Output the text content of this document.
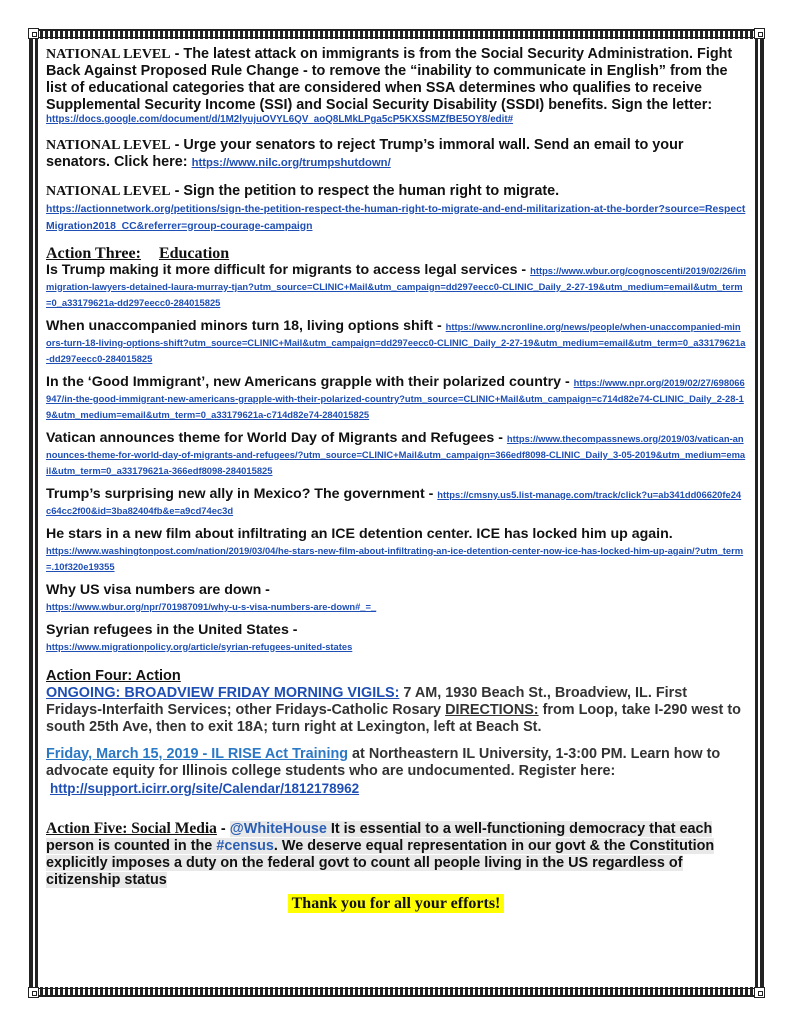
NATIONAL LEVEL - The latest attack on immigrants is from the Social Security Administration. Fight Back Against Proposed Rule Change - to remove the “inability to communicate in English” from the list of educational categories that are considered when SSA determines who qualifies to receive Supplemental Security Income (SSI) and Social Security Disability (SSDI) benefits. Sign the letter:
https://docs.google.com/document/d/1M2lyujuOVYL6QV_aoQ8LMkLPga5cP5KXSSMZfBE5OY8/edit#

NATIONAL LEVEL - Urge your senators to reject Trump’s immoral wall. Send an email to your senators. Click here: https://www.nilc.org/trumpshutdown/

NATIONAL LEVEL - Sign the petition to respect the human right to migrate.
https://actionnetwork.org/petitions/sign-the-petition-respect-the-human-right-to-migrate-and-end-militarization-at-the-border?source=RespectMigration2018_CC&referrer=group-courage-campaign

Action Three: Education

Is Trump making it more difficult for migrants to access legal services - https://www.wbur.org/cognoscenti/2019/02/26/immigration-lawyers-detained-laura-murray-tjan?utm_source=CLINIC+Mail&utm_campaign=dd297eecc0-CLINIC_Daily_2-27-19&utm_medium=email&utm_term=0_a33179621a-dd297eecc0-284015825

When unaccompanied minors turn 18, living options shift - https://www.ncronline.org/news/people/when-unaccompanied-minors-turn-18-living-options-shift?utm_source=CLINIC+Mail&utm_campaign=dd297eecc0-CLINIC_Daily_2-27-19&utm_medium=email&utm_term=0_a33179621a-dd297eecc0-284015825

In the ‘Good Immigrant’, new Americans grapple with their polarized country - https://www.npr.org/2019/02/27/698066947/in-the-good-immigrant-new-americans-grapple-with-their-polarized-country?utm_source=CLINIC+Mail&utm_campaign=c714d82e74-CLINIC_Daily_2-28-19&utm_medium=email&utm_term=0_a33179621a-c714d82e74-284015825

Vatican announces theme for World Day of Migrants and Refugees - https://www.thecompassnews.org/2019/03/vatican-announces-theme-for-world-day-of-migrants-and-refugees/?utm_source=CLINIC+Mail&utm_campaign=366edf8098-CLINIC_Daily_3-05-2019&utm_medium=email&utm_term=0_a33179621a-366edf8098-284015825

Trump’s surprising new ally in Mexico? The government - https://cmsny.us5.list-manage.com/track/click?u=ab341dd06620fe24c64cc2f00&id=3ba82404fb&e=a9cd74ec3d

He stars in a new film about infiltrating an ICE detention center. ICE has locked him up again.
https://www.washingtonpost.com/nation/2019/03/04/he-stars-new-film-about-infiltrating-an-ice-detention-center-now-ice-has-locked-him-up-again/?utm_term=.10f320e19355

Why US visa numbers are down -
https://www.wbur.org/npr/701987091/why-u-s-visa-numbers-are-down#_=_

Syrian refugees in the United States -
https://www.migrationpolicy.org/article/syrian-refugees-united-states

Action Four: Action

ONGOING: BROADVIEW FRIDAY MORNING VIGILS: 7 AM, 1930 Beach St., Broadview, IL. First Fridays-Interfaith Services; other Fridays-Catholic Rosary DIRECTIONS: from Loop, take I-290 west to south 25th Ave, then to exit 18A; turn right at Lexington, left at Beach St.

Friday, March 15, 2019 - IL RISE Act Training at Northeastern IL University, 1-3:00 PM. Learn how to advocate equity for Illinois college students who are undocumented. Register here:
http://support.icirr.org/site/Calendar/1812178962

Action Five: Social Media - @WhiteHouse It is essential to a well-functioning democracy that each person is counted in the #census. We deserve equal representation in our govt & the Constitution explicitly imposes a duty on the federal govt to count all people living in the US regardless of citizenship status

Thank you for all your efforts!
